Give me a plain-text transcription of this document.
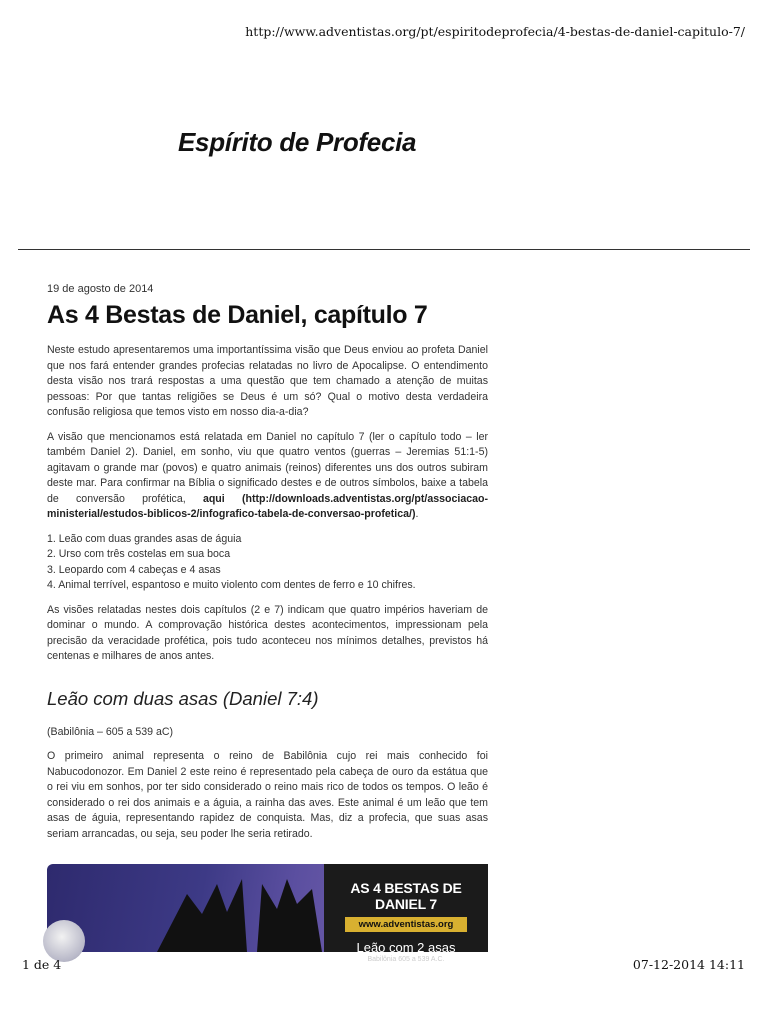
http://www.adventistas.org/pt/espiritodeprofecia/4-bestas-de-daniel-capitulo-7/
Espírito de Profecia
19 de agosto de 2014
As 4 Bestas de Daniel, capítulo 7

Neste estudo apresentaremos uma importantíssima visão que Deus enviou ao profeta Daniel que nos fará entender grandes profecias relatadas no livro de Apocalipse. O entendimento desta visão nos trará respostas a uma questão que tem chamado a atenção de muitas pessoas: Por que tantas religiões se Deus é um só? Qual o motivo desta verdadeira confusão religiosa que temos visto em nosso dia-a-dia?

A visão que mencionamos está relatada em Daniel no capítulo 7 (ler o capítulo todo – ler também Daniel 2). Daniel, em sonho, viu que quatro ventos (guerras – Jeremias 51:1-5) agitavam o grande mar (povos) e quatro animais (reinos) diferentes uns dos outros subiram deste mar. Para confirmar na Bíblia o significado destes e de outros símbolos, baixe a tabela de conversão profética, aqui (http://downloads.adventistas.org/pt/associacao-ministerial/estudos-biblicos-2/infografico-tabela-de-conversao-profetica/).

1. Leão com duas grandes asas de águia
2. Urso com três costelas em sua boca
3. Leopardo com 4 cabeças e 4 asas
4. Animal terrível, espantoso e muito violento com dentes de ferro e 10 chifres.

As visões relatadas nestes dois capítulos (2 e 7) indicam que quatro impérios haveriam de dominar o mundo. A comprovação histórica destes acontecimentos, impressionam pela precisão da veracidade profética, pois tudo aconteceu nos mínimos detalhes, previstos há centenas e milhares de anos antes.

Leão com duas asas (Daniel 7:4)

(Babilônia – 605 a 539 aC)

O primeiro animal representa o reino de Babilônia cujo rei mais conhecido foi Nabucodonozor. Em Daniel 2 este reino é representado pela cabeça de ouro da estátua que o rei viu em sonhos, por ter sido considerado o reino mais rico de todos os tempos. O leão é considerado o rei dos animais e a águia, a rainha das aves. Este animal é um leão que tem asas de águia, representando rapidez de conquista. Mas, diz a profecia, que suas asas seriam arrancadas, ou seja, seu poder lhe seria retirado.

AS 4 BESTAS DE DANIEL 7
www.adventistas.org
Leão com 2 asas
Babilônia 605 a 539 A.C.
1 de 4	07-12-2014 14:11
